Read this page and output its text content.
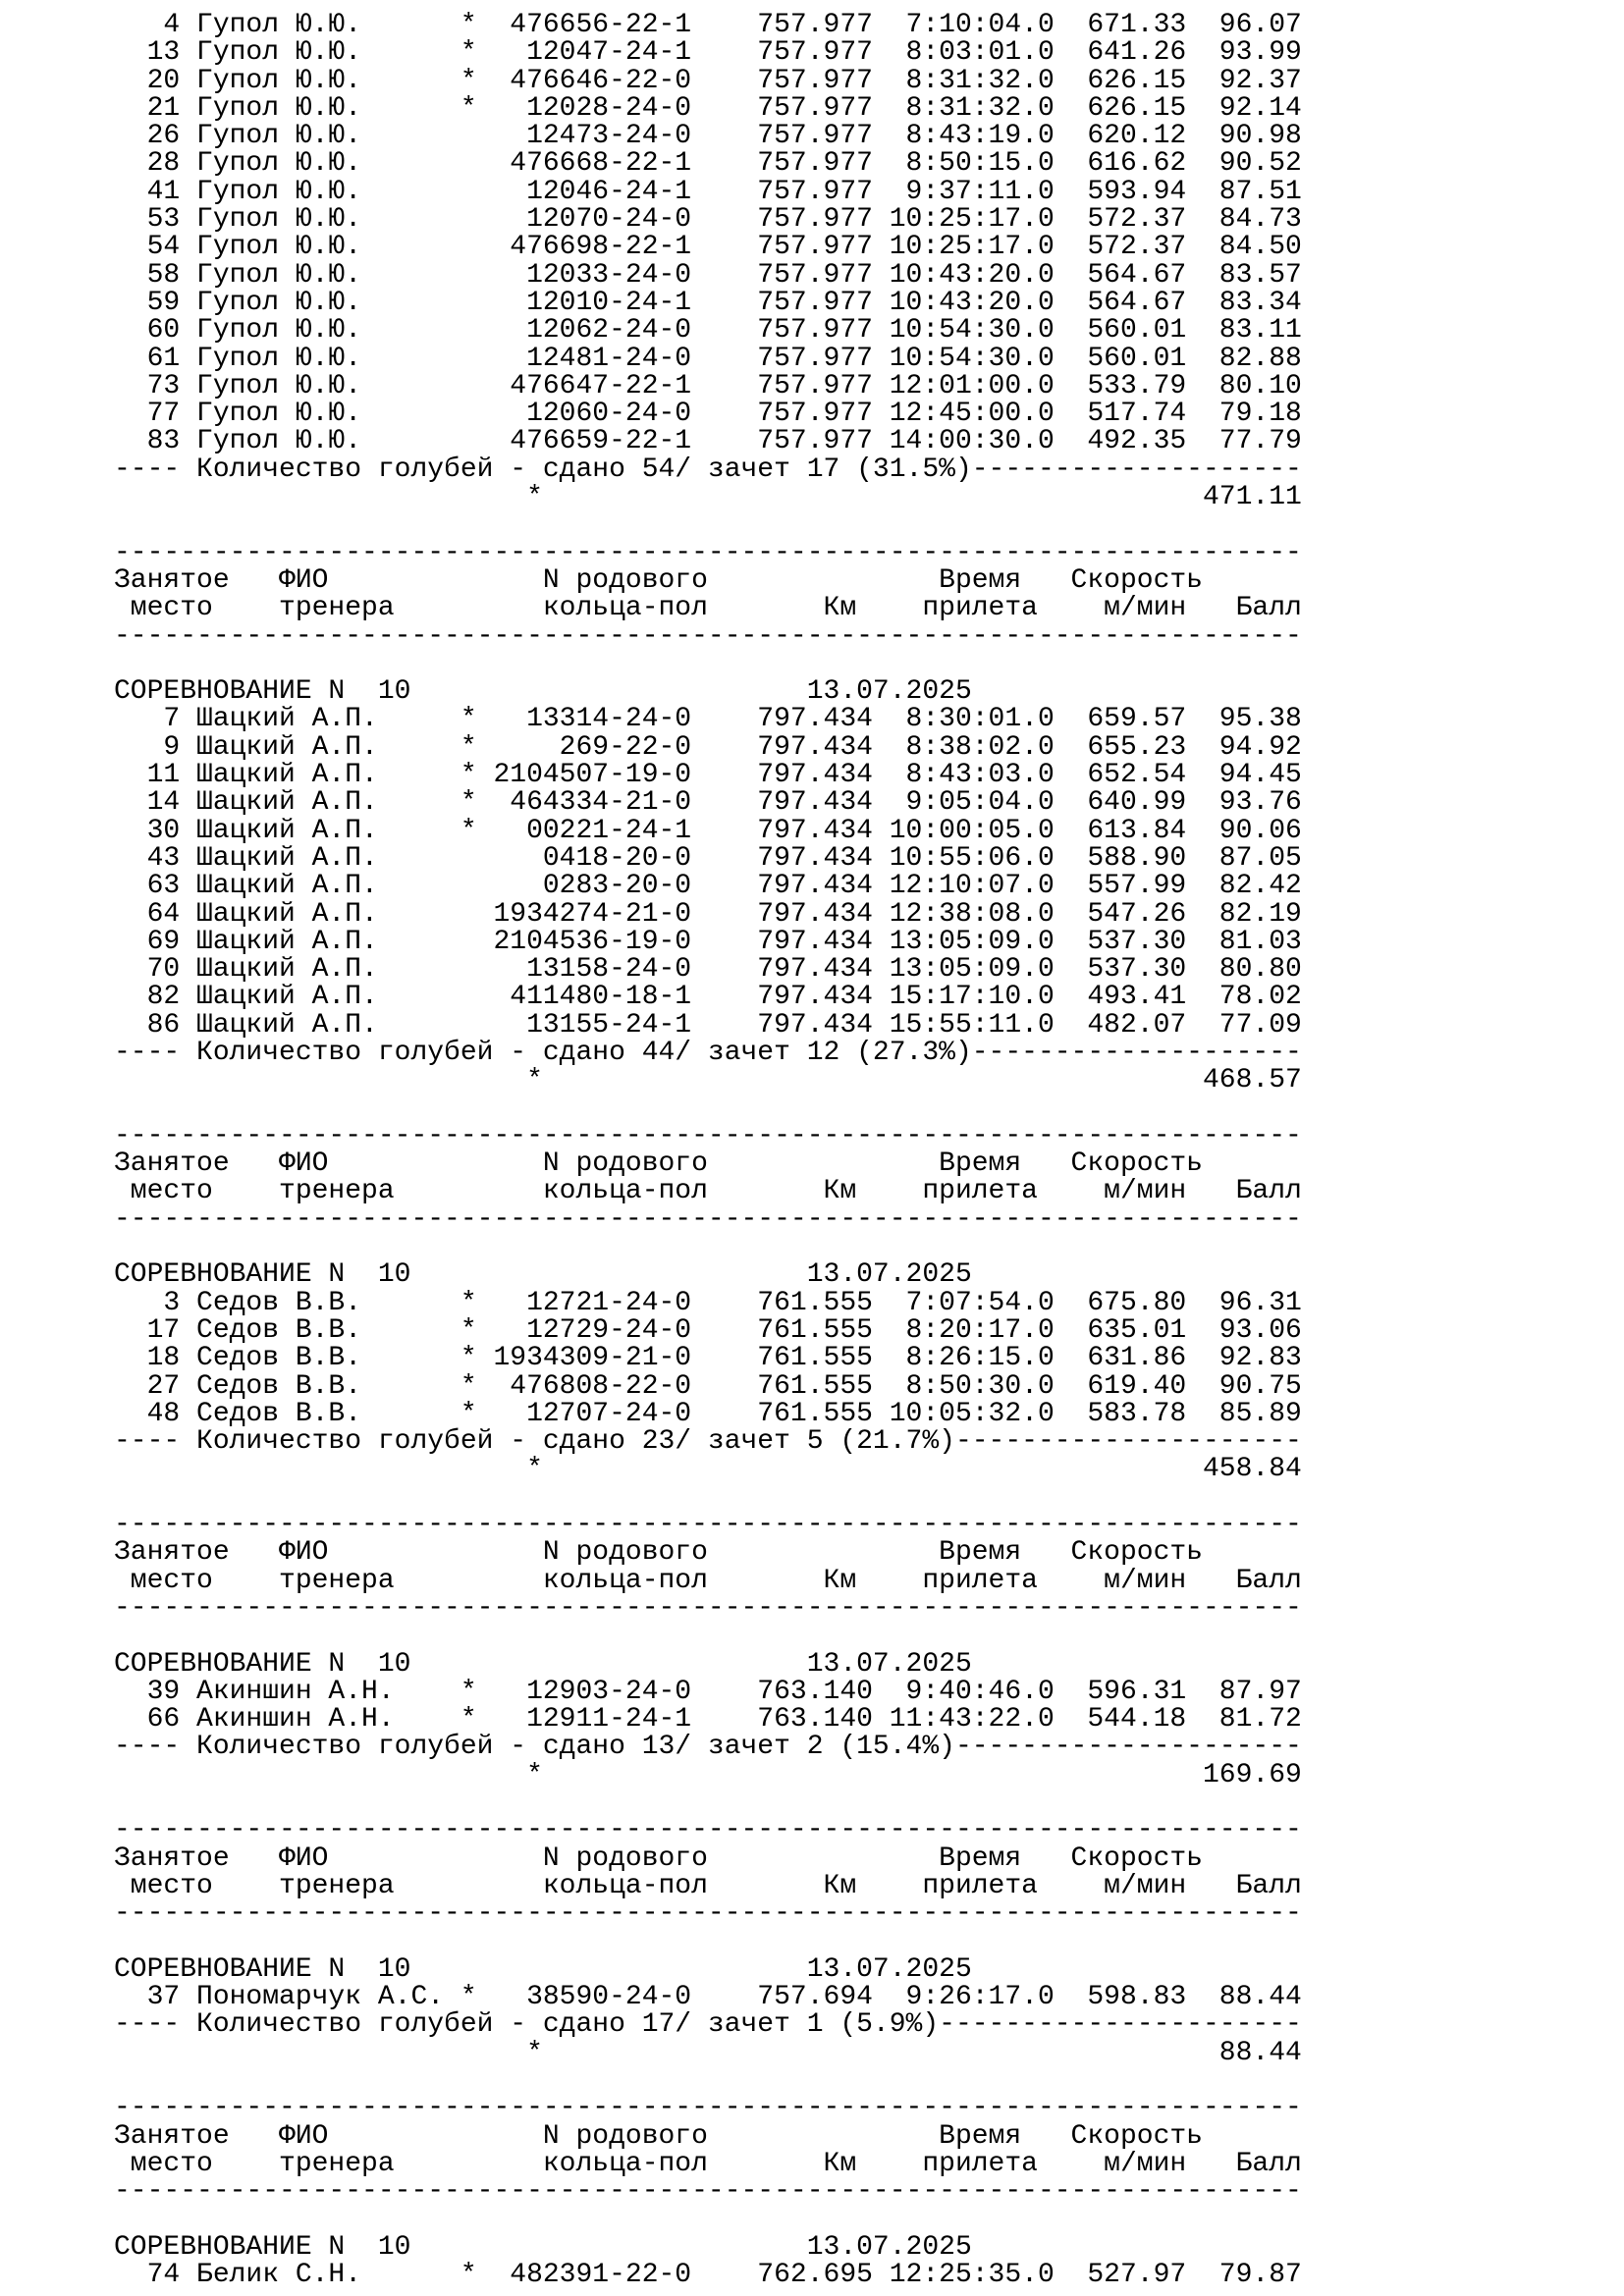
4 Гупол Ю.Ю.      *  476656-22-1    757.977  7:10:04.0  671.33  96.07
13 Гупол Ю.Ю.      *   12047-24-1    757.977  8:03:01.0  641.26  93.99
20 Гупол Ю.Ю.      *  476646-22-0    757.977  8:31:32.0  626.15  92.37
21 Гупол Ю.Ю.      *   12028-24-0    757.977  8:31:32.0  626.15  92.14
26 Гупол Ю.Ю.          12473-24-0    757.977  8:43:19.0  620.12  90.98
28 Гупол Ю.Ю.         476668-22-1    757.977  8:50:15.0  616.62  90.52
41 Гупол Ю.Ю.          12046-24-1    757.977  9:37:11.0  593.94  87.51
53 Гупол Ю.Ю.          12070-24-0    757.977 10:25:17.0  572.37  84.73
54 Гупол Ю.Ю.         476698-22-1    757.977 10:25:17.0  572.37  84.50
58 Гупол Ю.Ю.          12033-24-0    757.977 10:43:20.0  564.67  83.57
59 Гупол Ю.Ю.          12010-24-1    757.977 10:43:20.0  564.67  83.34
60 Гупол Ю.Ю.          12062-24-0    757.977 10:54:30.0  560.01  83.11
61 Гупол Ю.Ю.          12481-24-0    757.977 10:54:30.0  560.01  82.88
73 Гупол Ю.Ю.         476647-22-1    757.977 12:01:00.0  533.79  80.10
77 Гупол Ю.Ю.          12060-24-0    757.977 12:45:00.0  517.74  79.18
83 Гупол Ю.Ю.         476659-22-1    757.977 14:00:30.0  492.35  77.79
---- Количество голубей - сдано 54/ зачет 17 (31.5%)--------------------
*                                        471.11

------------------------------------------------------------------------
Занятое   ФИО             N родового              Время   Скорость
место    тренера         кольца-пол       Км    прилета    м/мин   Балл
------------------------------------------------------------------------

СОРЕВНОВАНИЕ N  10                        13.07.2025
7 Шацкий А.П.     *   13314-24-0    797.434  8:30:01.0  659.57  95.38
9 Шацкий А.П.     *     269-22-0    797.434  8:38:02.0  655.23  94.92
11 Шацкий А.П.     * 2104507-19-0    797.434  8:43:03.0  652.54  94.45
14 Шацкий А.П.     *  464334-21-0    797.434  9:05:04.0  640.99  93.76
30 Шацкий А.П.     *   00221-24-1    797.434 10:00:05.0  613.84  90.06
43 Шацкий А.П.          0418-20-0    797.434 10:55:06.0  588.90  87.05
63 Шацкий А.П.          0283-20-0    797.434 12:10:07.0  557.99  82.42
64 Шацкий А.П.       1934274-21-0    797.434 12:38:08.0  547.26  82.19
69 Шацкий А.П.       2104536-19-0    797.434 13:05:09.0  537.30  81.03
70 Шацкий А.П.         13158-24-0    797.434 13:05:09.0  537.30  80.80
82 Шацкий А.П.        411480-18-1    797.434 15:17:10.0  493.41  78.02
86 Шацкий А.П.         13155-24-1    797.434 15:55:11.0  482.07  77.09
---- Количество голубей - сдано 44/ зачет 12 (27.3%)--------------------
*                                        468.57

------------------------------------------------------------------------
Занятое   ФИО             N родового              Время   Скорость
место    тренера         кольца-пол       Км    прилета    м/мин   Балл
------------------------------------------------------------------------

СОРЕВНОВАНИЕ N  10                        13.07.2025
3 Седов В.В.      *   12721-24-0    761.555  7:07:54.0  675.80  96.31
17 Седов В.В.      *   12729-24-0    761.555  8:20:17.0  635.01  93.06
18 Седов В.В.      * 1934309-21-0    761.555  8:26:15.0  631.86  92.83
27 Седов В.В.      *  476808-22-0    761.555  8:50:30.0  619.40  90.75
48 Седов В.В.      *   12707-24-0    761.555 10:05:32.0  583.78  85.89
---- Количество голубей - сдано 23/ зачет 5 (21.7%)---------------------
*                                        458.84

------------------------------------------------------------------------
Занятое   ФИО             N родового              Время   Скорость
место    тренера         кольца-пол       Км    прилета    м/мин   Балл
------------------------------------------------------------------------

СОРЕВНОВАНИЕ N  10                        13.07.2025
39 Акиншин А.Н.    *   12903-24-0    763.140  9:40:46.0  596.31  87.97
66 Акиншин А.Н.    *   12911-24-1    763.140 11:43:22.0  544.18  81.72
---- Количество голубей - сдано 13/ зачет 2 (15.4%)---------------------
*                                        169.69

------------------------------------------------------------------------
Занятое   ФИО             N родового              Время   Скорость
место    тренера         кольца-пол       Км    прилета    м/мин   Балл
------------------------------------------------------------------------

СОРЕВНОВАНИЕ N  10                        13.07.2025
37 Пономарчук А.С. *   38590-24-0    757.694  9:26:17.0  598.83  88.44
---- Количество голубей - сдано 17/ зачет 1 (5.9%)----------------------
*                                         88.44

------------------------------------------------------------------------
Занятое   ФИО             N родового              Время   Скорость
место    тренера         кольца-пол       Км    прилета    м/мин   Балл
------------------------------------------------------------------------

СОРЕВНОВАНИЕ N  10                        13.07.2025
74 Белик С.Н.      *  482391-22-0    762.695 12:25:35.0  527.97  79.87
